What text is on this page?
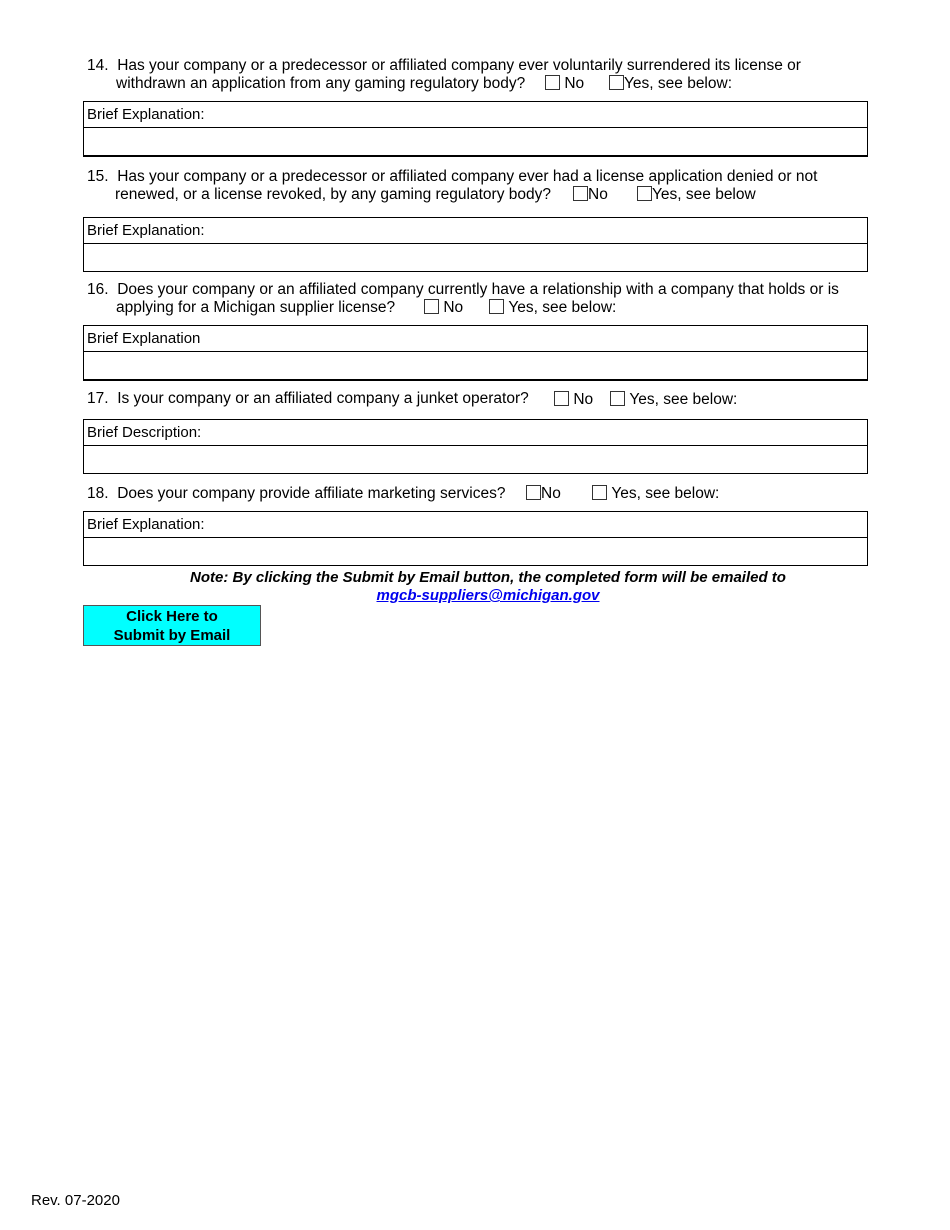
14. Has your company or a predecessor or affiliated company ever voluntarily surrendered its license or
withdrawn an application from any gaming regulatory body?	No	Yes, see below:
Brief Explanation:
15. Has your company or a predecessor or affiliated company ever had a license application denied or not
renewed, or a license revoked, by any gaming regulatory body?	No	Yes, see below
Brief Explanation:
16. Does your company or an affiliated company currently have a relationship with a company that holds or is
applying for a Michigan supplier license?	No	Yes, see below:
Brief Explanation
17. Is your company or an affiliated company a junket operator?	No	Yes, see below:
Brief Description:
18. Does your company provide affiliate marketing services?	No	Yes, see below:
Brief Explanation:
Note: By clicking the Submit by Email button, the completed form will be emailed to
mgcb-suppliers@michigan.gov
Click Here to
Submit by Email
Rev. 07-2020
